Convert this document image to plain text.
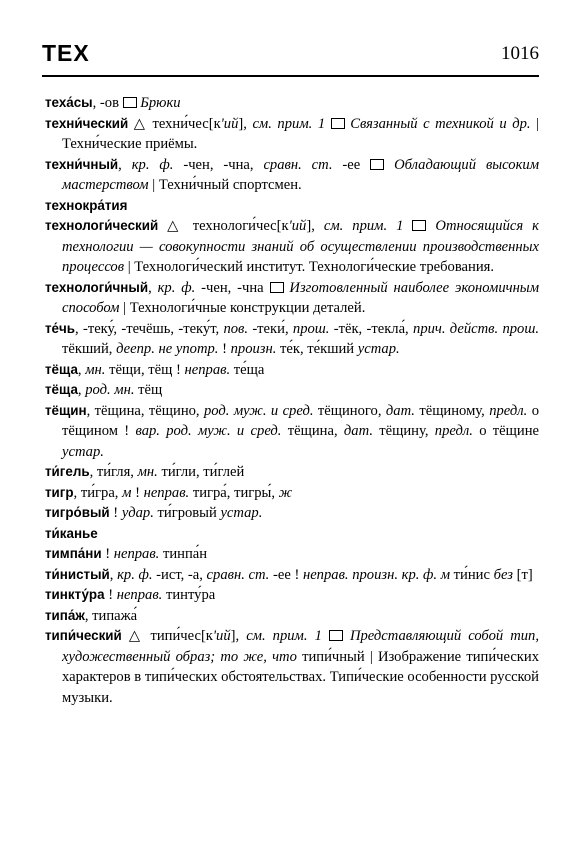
ТЕХ	1016
теха́сы, -ов  Брюки
техни́ческий △ техни́чес[кʹий], см. прим. 1  Связанный с техникой и др. | Техни́ческие приёмы.
техни́чный, кр. ф. -чен, -чна, сравн. ст. -ее  Обладающий высоким мастерством | Техни́чный спортсмен.
технокра́тия
технологи́ческий △ технологи́чес[кʹий], см. прим. 1  Относящийся к технологии — совокупности знаний об осуществлении производственных процессов | Технологи́ческий институт. Технологи́ческие требования.
технологи́чный, кр. ф. -чен, -чна  Изготовленный наиболее экономичным способом | Технологи́чные конструкции деталей.
те́чь, -теку́, -течёшь, -теку́т, пов. -теки́, прош. -тёк, -текла́, прич. действ. прош. тёкший, деепр. не употр. ! произн. те́к, те́кший устар.
тёща, мн. тёщи, тёщ ! неправ. те́ща
тёща, род. мн. тёщ
тёщин, тёщина, тёщино, род. муж. и сред. тёщиного, дат. тёщиному, предл. о тёщином ! вар. род. муж. и сред. тёщина, дат. тёщину, предл. о тёщине устар.
ти́гель, ти́гля, мн. ти́гли, ти́глей
тигр, ти́гра, м ! неправ. тигра́, тигры́, ж
тигро́вый ! удар. ти́гровый устар.
ти́канье
тимпа́ни ! неправ. тинпа́н
ти́нистый, кр. ф. -ист, -а, сравн. ст. -ее ! неправ. произн. кр. ф. м ти́нис без [т]
тинкту́ра ! неправ. тинту́ра
типа́ж, типажа́
типи́ческий △ типи́чес[кʹий], см. прим. 1  Представляющий собой тип, художественный образ; то же, что типи́чный | Изображение типи́ческих характеров в типи́ческих обстоятельствах. Типи́ческие особенности русской музыки.
